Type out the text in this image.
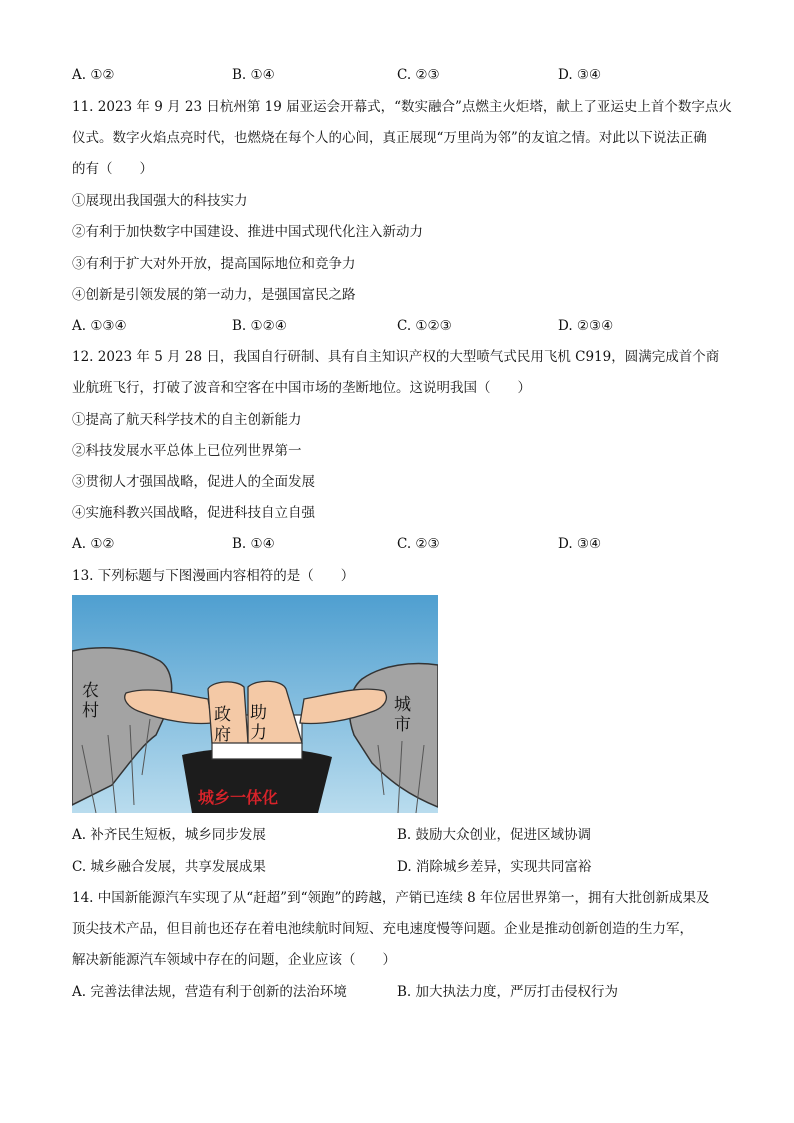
A. ①②	B. ①④	C. ②③	D. ③④
11. 2023 年 9 月 23 日杭州第 19 届亚运会开幕式，“数实融合”点燃主火炬塔，献上了亚运史上首个数字点火
仪式。数字火焰点亮时代，也燃烧在每个人的心间，真正展现“万里尚为邻”的友谊之情。对此以下说法正确
的有（　　）
①展现出我国强大的科技实力
②有利于加快数字中国建设、推进中国式现代化注入新动力
③有利于扩大对外开放，提高国际地位和竞争力
④创新是引领发展的第一动力，是强国富民之路
A. ①③④	B. ①②④	C. ①②③	D. ②③④
12. 2023 年 5 月 28 日，我国自行研制、具有自主知识产权的大型喷气式民用飞机 C919，圆满完成首个商
业航班飞行，打破了波音和空客在中国市场的垄断地位。这说明我国（　　）
①提高了航天科学技术的自主创新能力
②科技发展水平总体上已位列世界第一
③贯彻人才强国战略，促进人的全面发展
④实施科教兴国战略，促进科技自立自强
A. ①②	B. ①④	C. ②③	D. ③④
13. 下列标题与下图漫画内容相符的是（　　）
农
村	城
市
政
府
助
力
城乡一体化
A. 补齐民生短板，城乡同步发展	B. 鼓励大众创业，促进区域协调
C. 城乡融合发展，共享发展成果	D. 消除城乡差异，实现共同富裕
14. 中国新能源汽车实现了从“赶超”到“领跑”的跨越，产销已连续 8 年位居世界第一，拥有大批创新成果及
顶尖技术产品，但目前也还存在着电池续航时间短、充电速度慢等问题。企业是推动创新创造的生力军，
解决新能源汽车领域中存在的问题，企业应该（　　）
A. 完善法律法规，营造有利于创新的法治环境	B. 加大执法力度，严厉打击侵权行为
